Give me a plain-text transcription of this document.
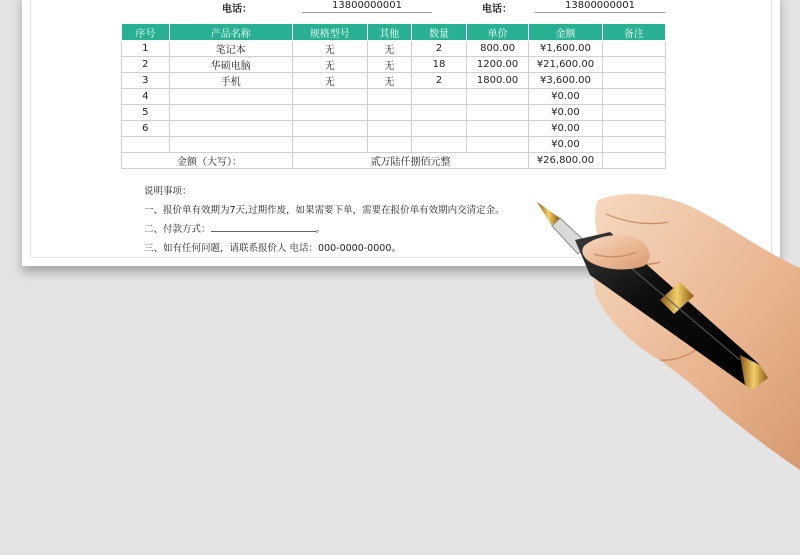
电话：	13800000001	电话：	13800000001
序号	产品名称	规格型号	其他	数量	单价	金额	备注
1	笔记本	无	无	2	800.00	¥1,600.00	
2	华硕电脑	无	无	18	1200.00	¥21,600.00	
3	手机	无	无	2	1800.00	¥3,600.00	
4						¥0.00	
5						¥0.00	
6						¥0.00	
						¥0.00	
金额（大写）：		贰万陆仟捌佰元整				¥26,800.00	
说明事项：
一、报价单有效期为7天,过期作废，如果需要下单，需要在报价单有效期内交清定金。
二、付款方式：	。
三、如有任何问题，请联系报价人 电话：000-0000-0000。
